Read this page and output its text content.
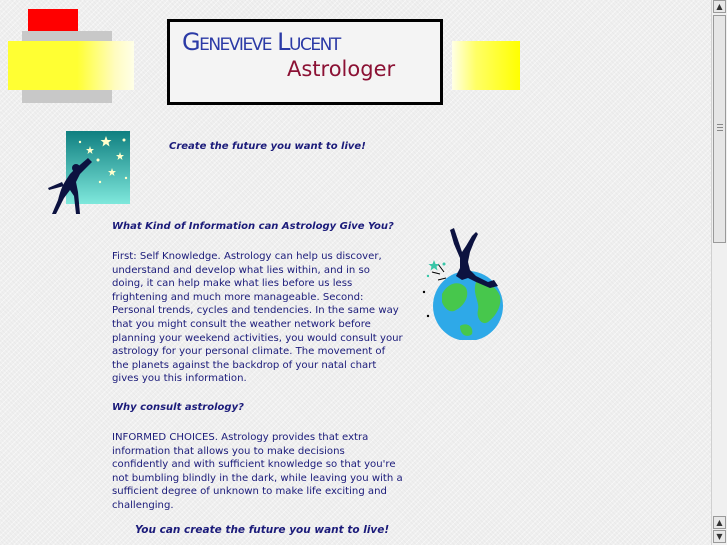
Genevieve Lucent
Astrologer
Create the future you want to live!
What Kind of Information can Astrology Give You?
First: Self Knowledge. Astrology can help us discover, understand and develop what lies within, and in so doing, it can help make what lies before us less frightening and much more manageable. Second: Personal trends, cycles and tendencies. In the same way that you might consult the weather network before planning your weekend activities, you would consult your astrology for your personal climate. The movement of the planets against the backdrop of your natal chart gives you this information.
Why consult astrology?
INFORMED CHOICES. Astrology provides that extra information that allows you to make decisions confidently and with sufficient knowledge so that you're not bumbling blindly in the dark, while leaving you with a sufficient degree of unknown to make life exciting and challenging.
You can create the future you want to live!
▲
▲
▼
